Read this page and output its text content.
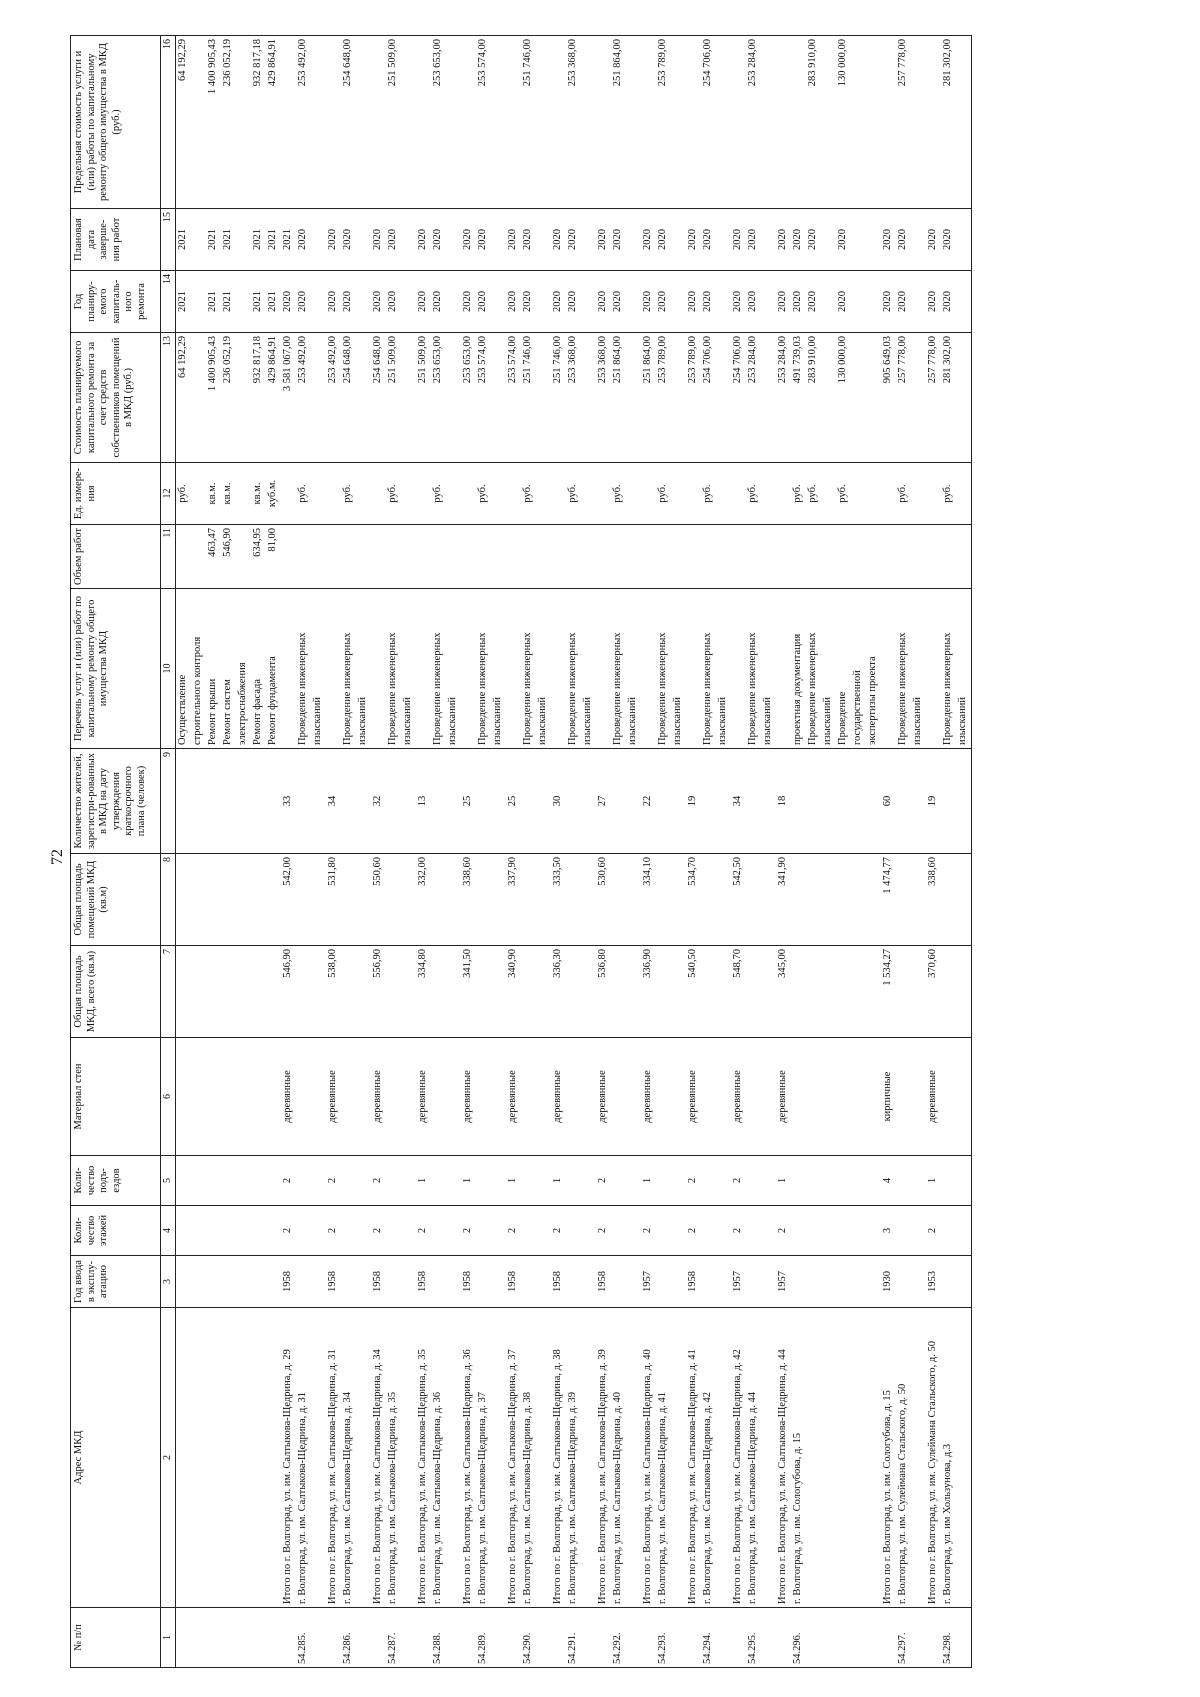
72
№ п/п	Адрес МКД	Год ввода в эксплу-атацию	Коли-чество этажей	Коли-чество подъ-ездов	Материал стен	Общая площадь МКД, всего (кв.м)	Общая площадь помещений МКД (кв.м)	Количество жителей, зарегистри-рованных в МКД на дату утверждения краткосрочного плана (человек)	Перечень услуг и (или) работ по капитальному ремонту общего имущества МКД	Объем работ	Ед. измере-ния	Стоимость планируемого капитального ремонта за счет средств собственников помещений в МКД (руб.)	Год планиру-емого капиталь-ного ремонта	Плановая дата заверше-ния работ	Предельная стоимость услуги и (или) работы по капитальному ремонту общего имущества в МКД (руб.)
1	2	3	4	5	6	7	8	9	10	11	12	13	14	15	16
									Осуществление		руб.	64 192,29	2021	2021	64 192,29
									строительного контроля						
									Ремонт крыши	463,47	кв.м.	1 400 905,43	2021	2021	1 400 905,43
									Ремонт систем	546,90	кв.м.	236 052,19	2021	2021	236 052,19
									электроснабжения						
									Ремонт фасада	634,95	кв.м.	932 817,18	2021	2021	932 817,18
									Ремонт фундамента	81,00	куб.м.	429 864,91	2021	2021	429 864,91
	Итого по г. Волгоград, ул. им. Салтыкова-Щедрина, д. 29	1958	2	2	деревянные	546,90	542,00	33				3 581 067,00	2020	2021	
54.285.	г. Волгоград, ул. им. Салтыкова-Щедрина, д. 31								Проведение инженерных		руб.	253 492,00	2020	2020	253 492,00
									изысканий						
	Итого по г. Волгоград, ул. им. Салтыкова-Щедрина, д. 31	1958	2	2	деревянные	538,00	531,80	34				253 492,00	2020	2020	
54.286.	г. Волгоград, ул. им. Салтыкова-Щедрина, д. 34								Проведение инженерных		руб.	254 648,00	2020	2020	254 648,00
									изысканий						
	Итого по г. Волгоград, ул. им. Салтыкова-Щедрина, д. 34	1958	2	2	деревянные	556,90	550,60	32				254 648,00	2020	2020	
54.287.	г. Волгоград, ул. им. Салтыкова-Щедрина, д. 35								Проведение инженерных		руб.	251 509,00	2020	2020	251 509,00
									изысканий						
	Итого по г. Волгоград, ул. им. Салтыкова-Щедрина, д. 35	1958	2	1	деревянные	334,80	332,00	13				251 509,00	2020	2020	
54.288.	г. Волгоград, ул. им. Салтыкова-Щедрина, д. 36								Проведение инженерных		руб.	253 653,00	2020	2020	253 653,00
									изысканий						
	Итого по г. Волгоград, ул. им. Салтыкова-Щедрина, д. 36	1958	2	1	деревянные	341,50	338,60	25				253 653,00	2020	2020	
54.289.	г. Волгоград, ул. им. Салтыкова-Щедрина, д. 37								Проведение инженерных		руб.	253 574,00	2020	2020	253 574,00
									изысканий						
	Итого по г. Волгоград, ул. им. Салтыкова-Щедрина, д. 37	1958	2	1	деревянные	340,90	337,90	25				253 574,00	2020	2020	
54.290.	г. Волгоград, ул. им. Салтыкова-Щедрина, д. 38								Проведение инженерных		руб.	251 746,00	2020	2020	251 746,00
									изысканий						
	Итого по г. Волгоград, ул. им. Салтыкова-Щедрина, д. 38	1958	2	1	деревянные	336,30	333,50	30				251 746,00	2020	2020	
54.291.	г. Волгоград, ул. им. Салтыкова-Щедрина, д. 39								Проведение инженерных		руб.	253 368,00	2020	2020	253 368,00
									изысканий						
	Итого по г. Волгоград, ул. им. Салтыкова-Щедрина, д. 39	1958	2	2	деревянные	536,80	530,60	27				253 368,00	2020	2020	
54.292.	г. Волгоград, ул. им. Салтыкова-Щедрина, д. 40								Проведение инженерных		руб.	251 864,00	2020	2020	251 864,00
									изысканий						
	Итого по г. Волгоград, ул. им. Салтыкова-Щедрина, д. 40	1957	2	1	деревянные	336,90	334,10	22				251 864,00	2020	2020	
54.293.	г. Волгоград, ул. им. Салтыкова-Щедрина, д. 41								Проведение инженерных		руб.	253 789,00	2020	2020	253 789,00
									изысканий						
	Итого по г. Волгоград, ул. им. Салтыкова-Щедрина, д. 41	1958	2	2	деревянные	540,50	534,70	19				253 789,00	2020	2020	
54.294.	г. Волгоград, ул. им. Салтыкова-Щедрина, д. 42								Проведение инженерных		руб.	254 706,00	2020	2020	254 706,00
									изысканий						
	Итого по г. Волгоград, ул. им. Салтыкова-Щедрина, д. 42	1957	2	2	деревянные	548,70	542,50	34				254 706,00	2020	2020	
54.295.	г. Волгоград, ул. им. Салтыкова-Щедрина, д. 44								Проведение инженерных		руб.	253 284,00	2020	2020	253 284,00
									изысканий						
	Итого по г. Волгоград, ул. им. Салтыкова-Щедрина, д. 44	1957	2	1	деревянные	345,00	341,90	18				253 284,00	2020	2020	
54.296.	г. Волгоград, ул. им. Сологубова, д. 15								проектная документация		руб.	491 739,03	2020	2020	
									Проведение инженерных		руб.	283 910,00	2020	2020	283 910,00
									изысканий						
									Проведение		руб.	130 000,00	2020	2020	130 000,00
									государственной						
									экспертизы проекта						
	Итого по г. Волгоград, ул. им. Сологубова, д. 15	1930	3	4	кирпичные	1 534,27	1 474,77	60				905 649,03	2020	2020	
54.297.	г. Волгоград, ул. им. Сулеймана Стальского, д. 50								Проведение инженерных		руб.	257 778,00	2020	2020	257 778,00
									изысканий						
	Итого по г. Волгоград, ул. им. Сулеймана Стальского, д. 50	1953	2	1	деревянные	370,60	338,60	19				257 778,00	2020	2020	
54.298.	г. Волгоград, ул. им Хользунова, д.3								Проведение инженерных		руб.	281 302,00	2020	2020	281 302,00
									изысканий						
